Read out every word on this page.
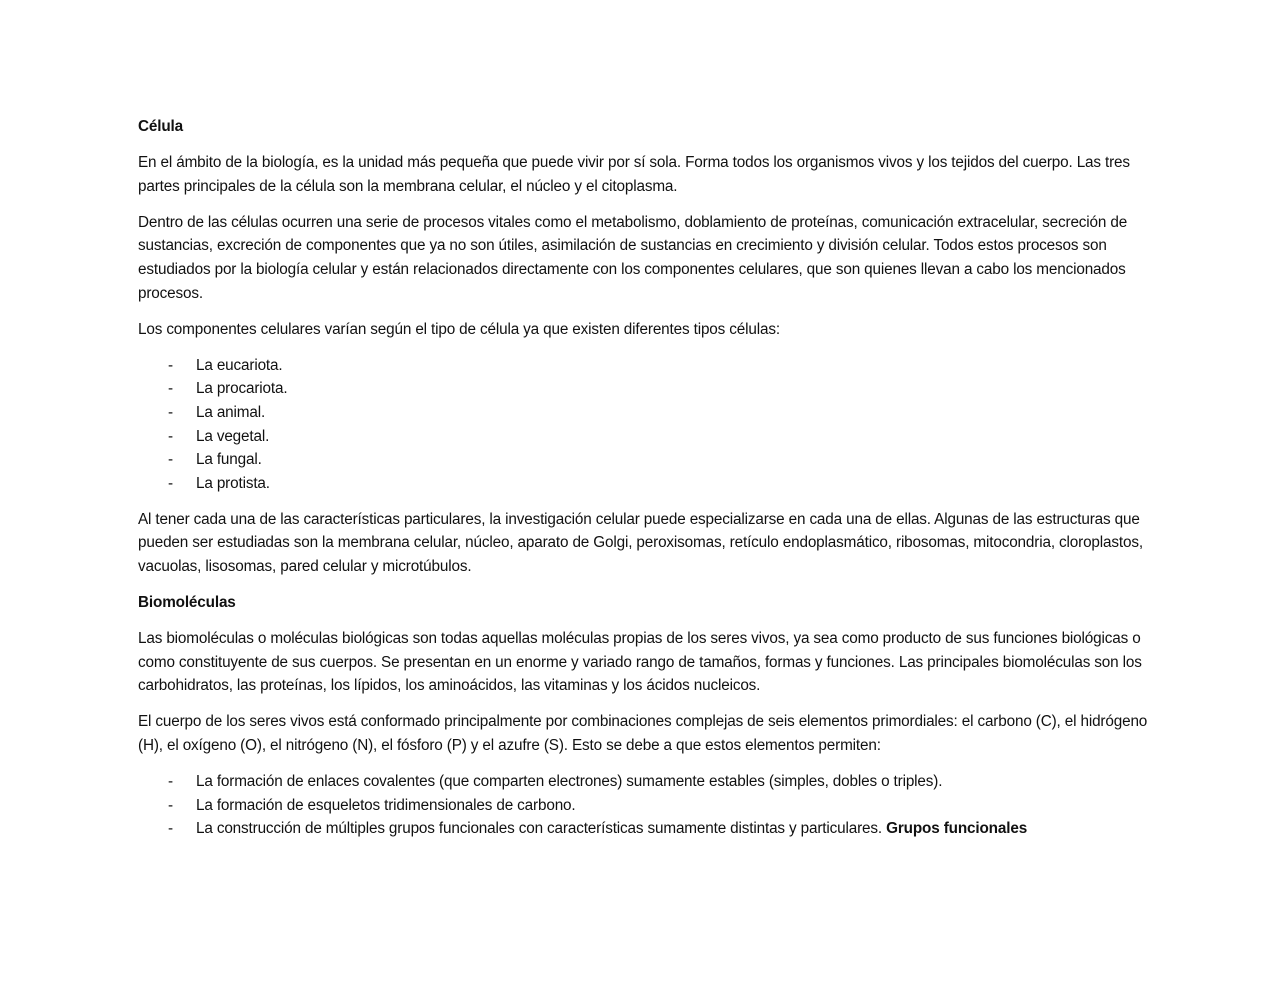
Célula

En el ámbito de la biología, es la unidad más pequeña que puede vivir por sí sola. Forma todos los organismos vivos y los tejidos del cuerpo. Las tres partes principales de la célula son la membrana celular, el núcleo y el citoplasma.

Dentro de las células ocurren una serie de procesos vitales como el metabolismo, doblamiento de proteínas, comunicación extracelular, secreción de sustancias, excreción de componentes que ya no son útiles, asimilación de sustancias en crecimiento y división celular. Todos estos procesos son estudiados por la biología celular y están relacionados directamente con los componentes celulares, que son quienes llevan a cabo los mencionados procesos.

Los componentes celulares varían según el tipo de célula ya que existen diferentes tipos células:

- La eucariota.
- La procariota.
- La animal.
- La vegetal.
- La fungal.
- La protista.

Al tener cada una de las características particulares, la investigación celular puede especializarse en cada una de ellas. Algunas de las estructuras que pueden ser estudiadas son la membrana celular, núcleo, aparato de Golgi, peroxisomas, retículo endoplasmático, ribosomas, mitocondria, cloroplastos, vacuolas, lisosomas, pared celular y microtúbulos.

Biomoléculas

Las biomoléculas o moléculas biológicas son todas aquellas moléculas propias de los seres vivos, ya sea como producto de sus funciones biológicas o como constituyente de sus cuerpos. Se presentan en un enorme y variado rango de tamaños, formas y funciones. Las principales biomoléculas son los carbohidratos, las proteínas, los lípidos, los aminoácidos, las vitaminas y los ácidos nucleicos.

El cuerpo de los seres vivos está conformado principalmente por combinaciones complejas de seis elementos primordiales: el carbono (C), el hidrógeno (H), el oxígeno (O), el nitrógeno (N), el fósforo (P) y el azufre (S). Esto se debe a que estos elementos permiten:

- La formación de enlaces covalentes (que comparten electrones) sumamente estables (simples, dobles o triples).
- La formación de esqueletos tridimensionales de carbono.
- La construcción de múltiples grupos funcionales con características sumamente distintas y particulares. Grupos funcionales
